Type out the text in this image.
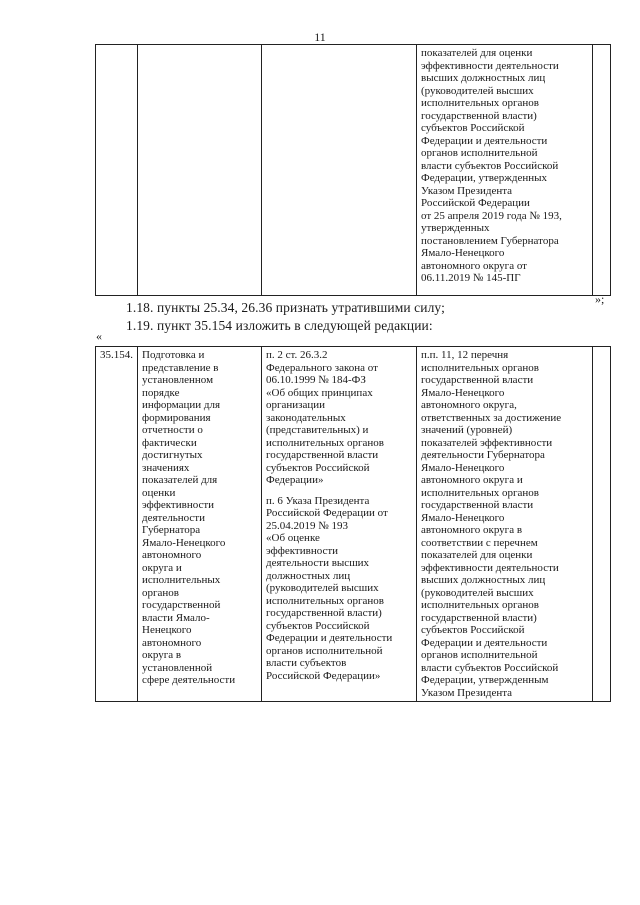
11

показателей для оценки
эффективности деятельности
высших должностных лиц
(руководителей высших
исполнительных органов
государственной власти)
субъектов Российской
Федерации и деятельности
органов исполнительной
власти субъектов Российской
Федерации, утвержденных
Указом Президента
Российской Федерации
от 25 апреля 2019 года № 193,
утвержденных
постановлением Губернатора
Ямало-Ненецкого
автономного округа от
06.11.2019 № 145-ПГ

»;
1.18. пункты 25.34, 26.36 признать утратившими силу;
1.19. пункт 35.154 изложить в следующей редакции:
«
35.154.	Подготовка и
представление в
установленном
порядке
информации для
формирования
отчетности о
фактически
достигнутых
значениях
показателей для
оценки
эффективности
деятельности
Губернатора
Ямало-Ненецкого
автономного
округа и
исполнительных
органов
государственной
власти Ямало-
Ненецкого
автономного
округа в
установленной
сфере деятельности

п. 2 ст. 26.3.2
Федерального закона от
06.10.1999 № 184-ФЗ
«Об общих принципах
организации
законодательных
(представительных) и
исполнительных органов
государственной власти
субъектов Российской
Федерации»
п. 6 Указа Президента
Российской Федерации от
25.04.2019 № 193
«Об оценке
эффективности
деятельности высших
должностных лиц
(руководителей высших
исполнительных органов
государственной власти)
субъектов Российской
Федерации и деятельности
органов исполнительной
власти субъектов
Российской Федерации»

п.п. 11, 12 перечня
исполнительных органов
государственной власти
Ямало-Ненецкого
автономного округа,
ответственных за достижение
значений (уровней)
показателей эффективности
деятельности Губернатора
Ямало-Ненецкого
автономного округа и
исполнительных органов
государственной власти
Ямало-Ненецкого
автономного округа в
соответствии с перечнем
показателей для оценки
эффективности деятельности
высших должностных лиц
(руководителей высших
исполнительных органов
государственной власти)
субъектов Российской
Федерации и деятельности
органов исполнительной
власти субъектов Российской
Федерации, утвержденным
Указом Президента
